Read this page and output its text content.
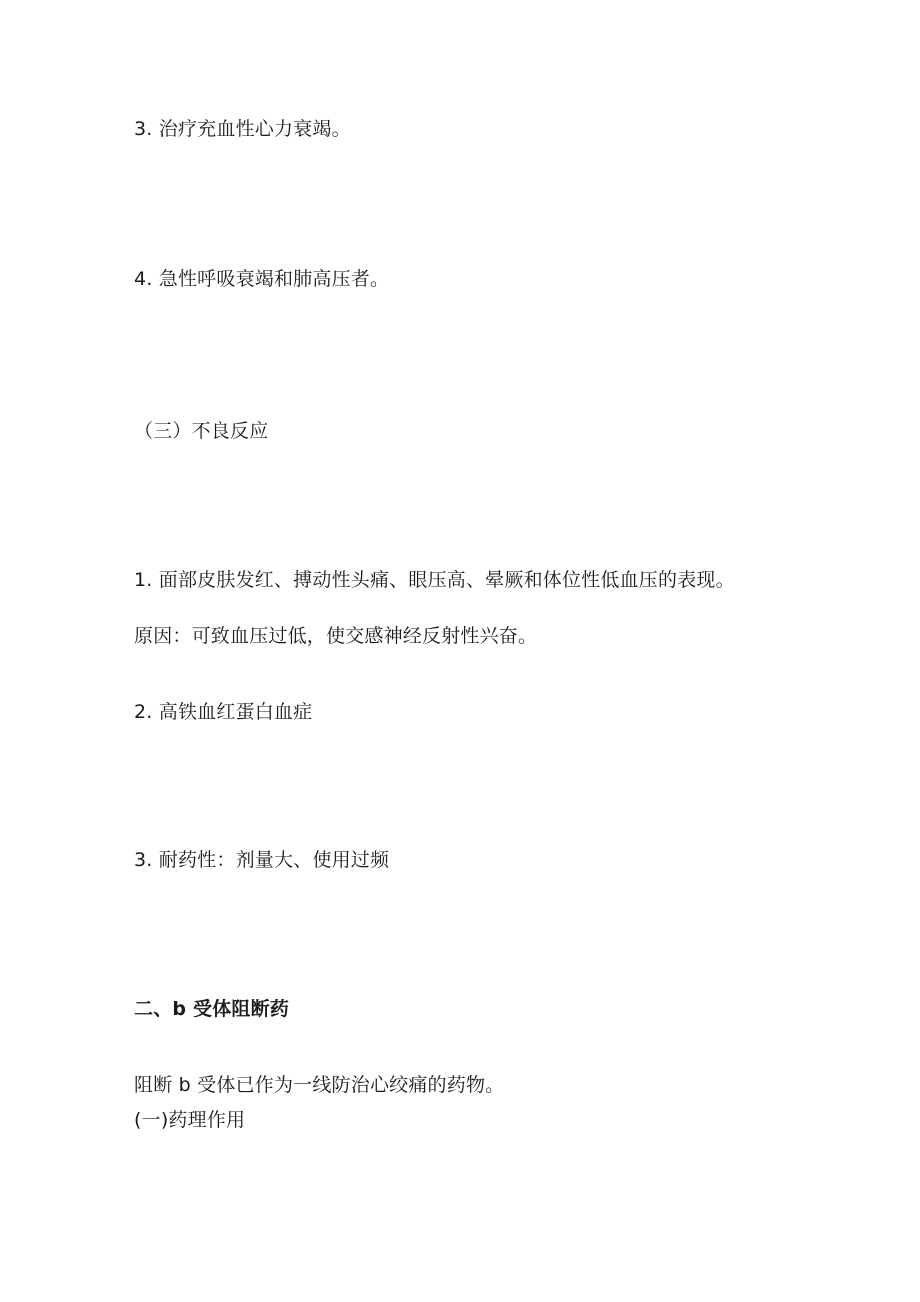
3. 治疗充血性心力衰竭。
4. 急性呼吸衰竭和肺高压者。
（三）不良反应
1. 面部皮肤发红、搏动性头痛、眼压高、晕厥和体位性低血压的表现。
原因：可致血压过低，使交感神经反射性兴奋。
2. 高铁血红蛋白血症
3. 耐药性：剂量大、使用过频
二、b 受体阻断药
阻断 b 受体已作为一线防治心绞痛的药物。
(一)药理作用
